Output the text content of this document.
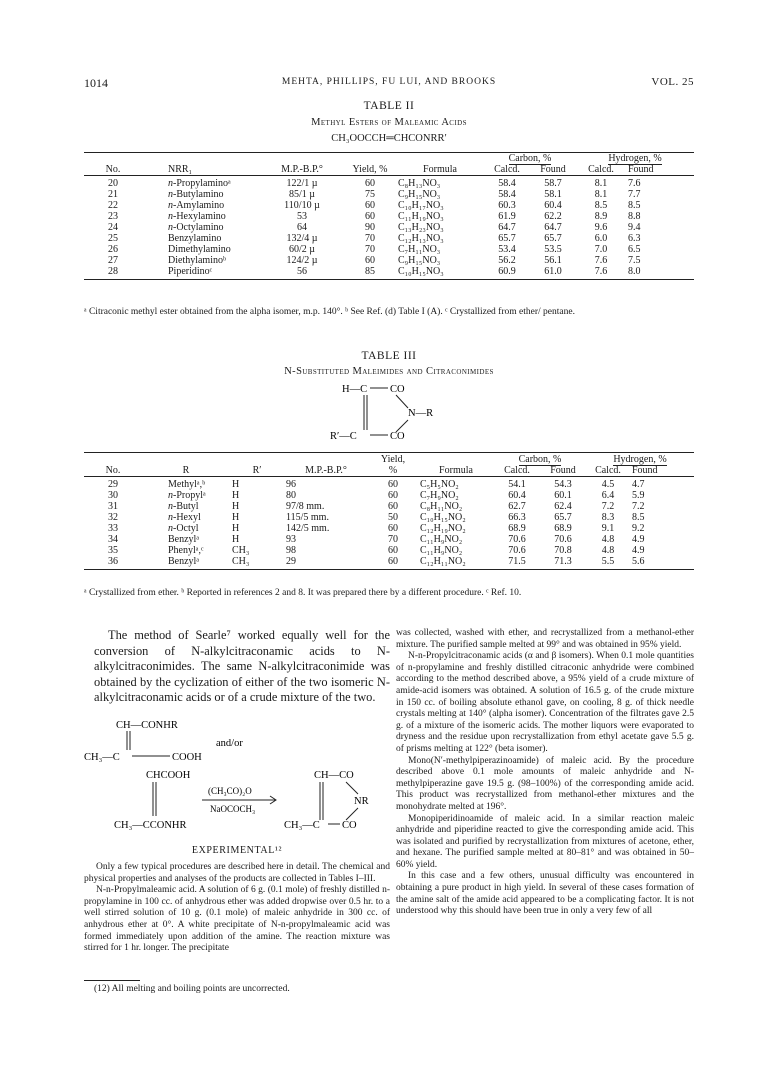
1014	MEHTA, PHILLIPS, FU LUI, AND BROOKS	VOL. 25
TABLE II
Methyl Esters of Maleamic Acids
CH₃OOCCH═CHCONRR′
					Carbon, %		Hydrogen, %	
No.	NRR₁	M.P.-B.P.°	Yield, %	Formula	Calcd.	Found	Calcd.	Found
20	n-Propylaminoᵃ	122/1 µ	60	C₈H₁₃NO₃	58.4	58.7	8.1	7.6
21	n-Butylamino	85/1 µ	75	C₉H₁₅NO₃	58.4	58.1	8.1	7.7
22	n-Amylamino	110/10 µ	60	C₁₀H₁₇NO₃	60.3	60.4	8.5	8.5
23	n-Hexylamino	53	60	C₁₁H₁₉NO₃	61.9	62.2	8.9	8.8
24	n-Octylamino	64	90	C₁₃H₂₃NO₃	64.7	64.7	9.6	9.4
25	Benzylamino	132/4 µ	70	C₁₂H₁₃NO₃	65.7	65.7	6.0	6.3
26	Dimethylamino	60/2 µ	70	C₇H₁₁NO₃	53.4	53.5	7.0	6.5
27	Diethylaminoᵇ	124/2 µ	60	C₉H₁₅NO₃	56.2	56.1	7.6	7.5
28	Piperidinoᶜ	56	85	C₁₀H₁₅NO₃	60.9	61.0	7.6	8.0
ᵃ Citraconic methyl ester obtained from the alpha isomer, m.p. 140°. ᵇ See Ref. (d) Table I (A). ᶜ Crystallized from ether/ pentane.
TABLE III
N-Substituted Maleimides and Citraconimides
H—C CO
N—R
R′—C	CO
				Yield,		Carbon, %		Hydrogen, %	
No.	R	R′	M.P.-B.P.°	%	Formula	Calcd.	Found	Calcd.	Found
29	Methylᵃ,ᵇ	H	96	60	C₅H₅NO₂	54.1	54.3	4.5	4.7
30	n-Propylᵃ	H	80	60	C₇H₉NO₂	60.4	60.1	6.4	5.9
31	n-Butyl	H	97/8 mm.	60	C₈H₁₁NO₂	62.7	62.4	7.2	7.2
32	n-Hexyl	H	115/5 mm.	50	C₁₀H₁₅NO₂	66.3	65.7	8.3	8.5
33	n-Octyl	H	142/5 mm.	60	C₁₂H₁₉NO₂	68.9	68.9	9.1	9.2
34	Benzylᵃ	H	93	70	C₁₁H₉NO₂	70.6	70.6	4.8	4.9
35	Phenylᵃ,ᶜ	CH₃	98	60	C₁₁H₉NO₂	70.6	70.8	4.8	4.9
36	Benzylᵃ	CH₃	29	60	C₁₂H₁₁NO₂	71.5	71.3	5.5	5.6
ᵃ Crystallized from ether. ᵇ Reported in references 2 and 8. It was prepared there by a different procedure. ᶜ Ref. 10.

The method of Searle⁷ worked equally well for the conversion of N-alkylcitraconamic acids to N-alkylcitraconimides. The same N-alkylcitraconimide was obtained by the cyclization of either of the two isomeric N-alkylcitraconamic acids or of a crude mixture of the two.

CH—CONHR
CH₃—C	COOH
and/or
CHCOOH
CH₃—CCONHR
(CH₃CO)₂O
NaOCOCH₃
CH—CO
NR
CH₃—C CO
EXPERIMENTAL¹²

Only a few typical procedures are described here in detail. The chemical and physical properties and analyses of the products are collected in Tables I–III.

N-n-Propylmaleamic acid. A solution of 6 g. (0.1 mole) of freshly distilled n-propylamine in 100 cc. of anhydrous ether was added dropwise over 0.5 hr. to a well stirred solution of 10 g. (0.1 mole) of maleic anhydride in 300 cc. of anhydrous ether at 0°. A white precipitate of N-n-propylmaleamic acid was formed immediately upon addition of the amine. The reaction mixture was stirred for 1 hr. longer. The precipitate

(12) All melting and boiling points are uncorrected.

was collected, washed with ether, and recrystallized from a methanol-ether mixture. The purified sample melted at 99° and was obtained in 95% yield.

N-n-Propylcitraconamic acids (α and β isomers). When 0.1 mole quantities of n-propylamine and freshly distilled citraconic anhydride were combined according to the method described above, a 95% yield of a crude mixture of amide-acid isomers was obtained. A solution of 16.5 g. of the crude mixture in 150 cc. of boiling absolute ethanol gave, on cooling, 8 g. of thick needle crystals melting at 140° (alpha isomer). Concentration of the filtrates gave 2.5 g. of a mixture of the isomeric acids. The mother liquors were evaporated to dryness and the residue upon recrystallization from ethyl acetate gave 5.5 g. of prisms melting at 122° (beta isomer).

Mono(N′-methylpiperazinoamide) of maleic acid. By the procedure described above 0.1 mole amounts of maleic anhydride and N-methylpiperazine gave 19.5 g. (98–100%) of the corresponding amide acid. This product was recrystallized from methanol-ether mixtures and the monohydrate melted at 196°.

Monopiperidinoamide of maleic acid. In a similar reaction maleic anhydride and piperidine reacted to give the corresponding amide acid. This was isolated and purified by recrystallization from mixtures of acetone, ether, and hexane. The purified sample melted at 80–81° and was obtained in 50–60% yield.

In this case and a few others, unusual difficulty was encountered in obtaining a pure product in high yield. In several of these cases formation of the amine salt of the amide acid appeared to be a complicating factor. It is not understood why this should have been true in only a very few of all
